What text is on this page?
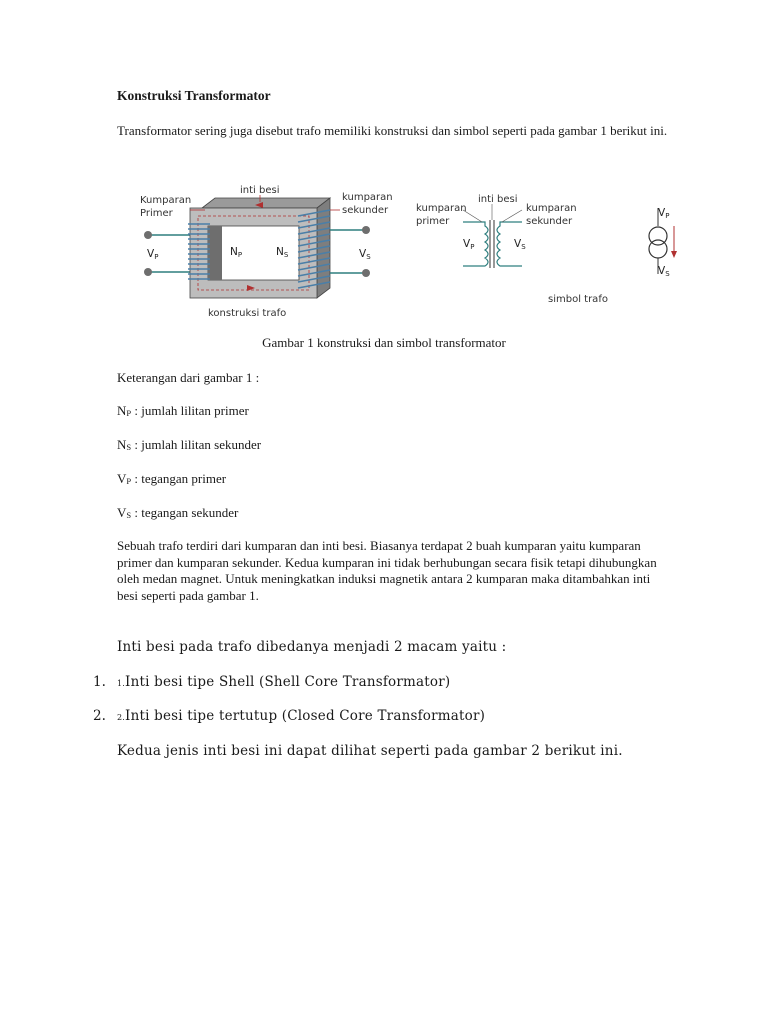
Konstruksi Transformator
Transformator sering juga disebut trafo memiliki konstruksi dan simbol seperti pada gambar 1 berikut ini.
Kumparan
Primer
inti besi
kumparan
sekunder
NP	NS
VP	VS
konstruksi trafo
kumparan
primer
inti besi
kumparan
sekunder
VP	VS
simbol trafo
VP
VS
Gambar 1 konstruksi dan simbol transformator
Keterangan dari gambar 1 :
$N_P$ : jumlah lilitan primer
$N_S$ : jumlah lilitan sekunder
$V_P$ : tegangan primer
$V_S$ : tegangan sekunder
Sebuah trafo terdiri dari kumparan dan inti besi. Biasanya terdapat 2 buah kumparan yaitu kumparan primer dan kumparan sekunder. Kedua kumparan ini tidak berhubungan secara fisik tetapi dihubungkan oleh medan magnet. Untuk meningkatkan induksi magnetik antara 2 kumparan maka ditambahkan inti besi seperti pada gambar 1.
Inti besi pada trafo dibedanya menjadi 2 macam yaitu :
1. 1.Inti besi tipe Shell (Shell Core Transformator)
2. 2.Inti besi tipe tertutup (Closed Core Transformator)
Kedua jenis inti besi ini dapat dilihat seperti pada gambar 2 berikut ini.
